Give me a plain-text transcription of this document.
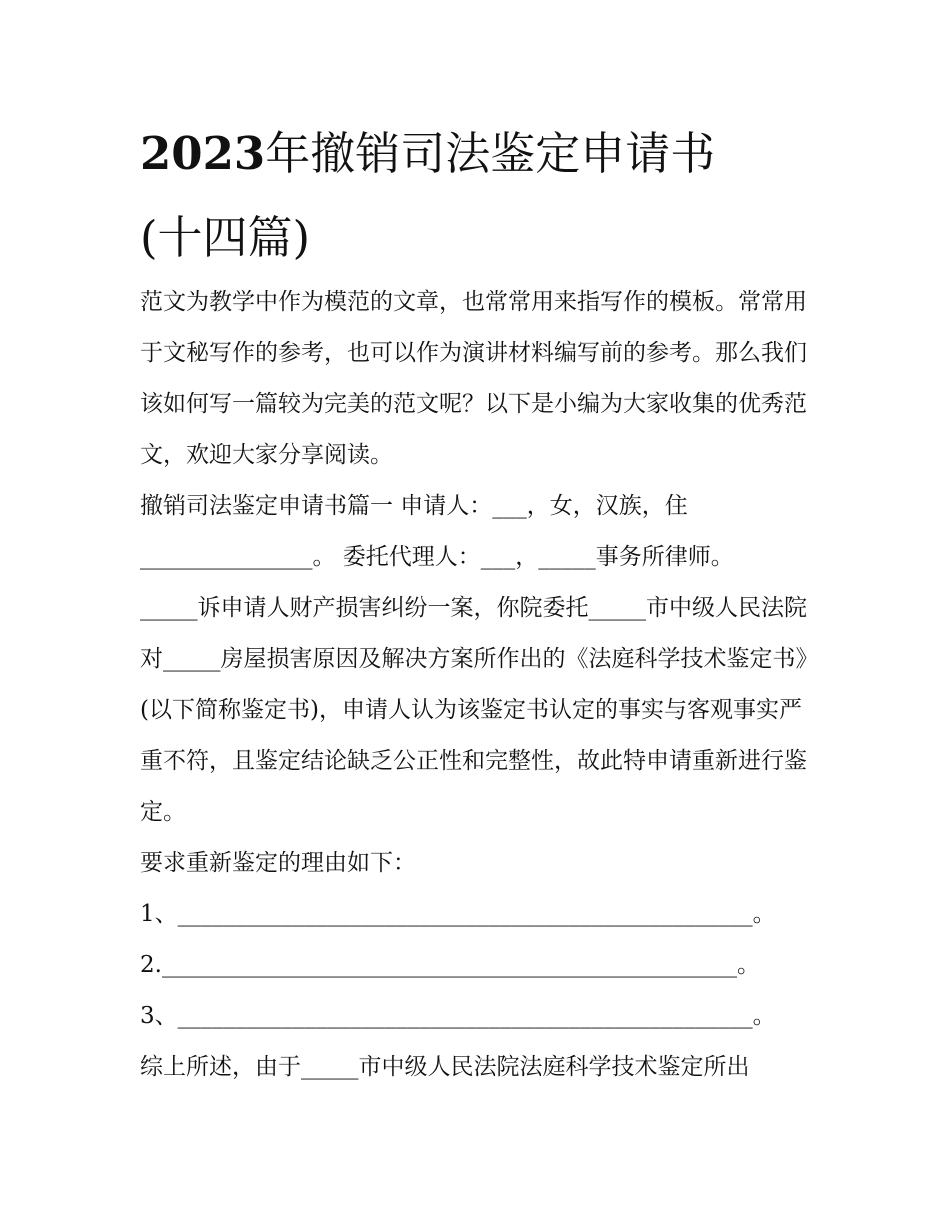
2023年撤销司法鉴定申请书
(十四篇)

范文为教学中作为模范的文章，也常常用来指写作的模板。常常用于文秘写作的参考，也可以作为演讲材料编写前的参考。那么我们该如何写一篇较为完美的范文呢？以下是小编为大家收集的优秀范文，欢迎大家分享阅读。

撤销司法鉴定申请书篇一 申请人：___，女，汉族，住_______________。 委托代理人：___，_____事务所律师。

_____诉申请人财产损害纠纷一案，你院委托_____市中级人民法院对_____房屋损害原因及解决方案所作出的《法庭科学技术鉴定书》(以下简称鉴定书)，申请人认为该鉴定书认定的事实与客观事实严重不符，且鉴定结论缺乏公正性和完整性，故此特申请重新进行鉴定。

要求重新鉴定的理由如下：

1、__________________________________________________。

2.__________________________________________________。

3、__________________________________________________。

综上所述，由于_____市中级人民法院法庭科学技术鉴定所出
